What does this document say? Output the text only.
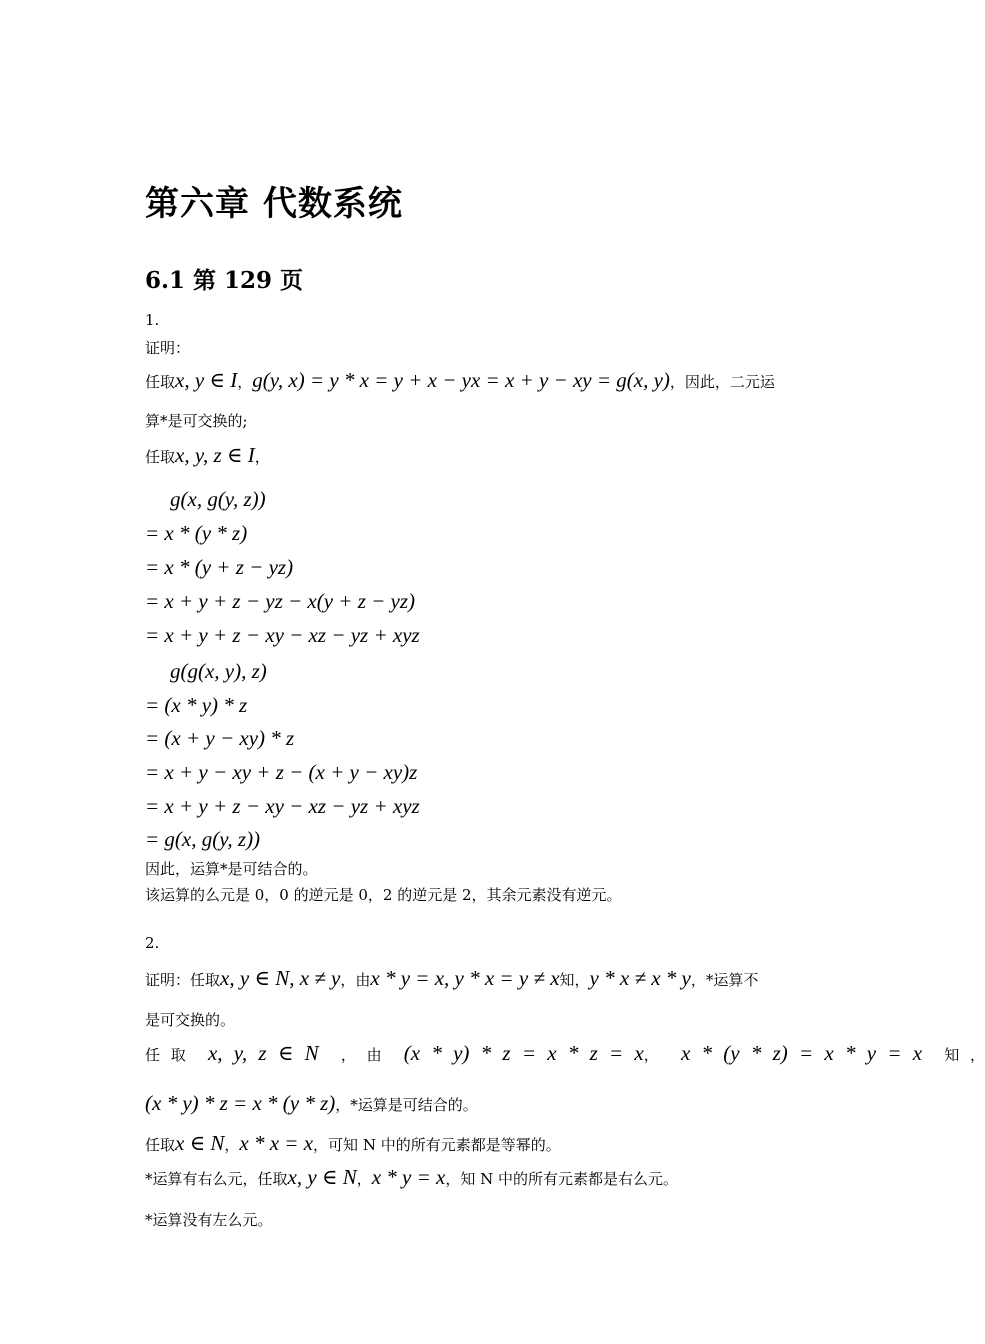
第六章 代数系统
6.1 第 129 页
1.
证明：
任取x, y ∈ I，g(y, x) = y * x = y + x − yx = x + y − xy = g(x, y)，因此，二元运
算*是可交换的;
任取x, y, z ∈ I，
g(x, g(y, z))
= x * (y * z)
= x * (y + z − yz)
= x + y + z − yz − x(y + z − yz)
= x + y + z − xy − xz − yz + xyz
g(g(x, y), z)
= (x * y) * z
= (x + y − xy) * z
= x + y − xy + z − (x + y − xy)z
= x + y + z − xy − xz − yz + xyz
= g(x, g(y, z))
因此，运算*是可结合的。
该运算的么元是 0，0 的逆元是 0，2 的逆元是 2，其余元素没有逆元。
2.
证明：任取x, y ∈ N, x ≠ y，由x * y = x, y * x = y ≠ x知，y * x ≠ x * y，*运算不
是可交换的。
任 取 x, y, z ∈ N ， 由 (x * y) * z = x * z = x， x * (y * z) = x * y = x 知 ，
(x * y) * z = x * (y * z)，*运算是可结合的。
任取x ∈ N，x * x = x，可知 N 中的所有元素都是等幂的。
*运算有右么元，任取x, y ∈ N，x * y = x，知 N 中的所有元素都是右么元。
*运算没有左么元。
